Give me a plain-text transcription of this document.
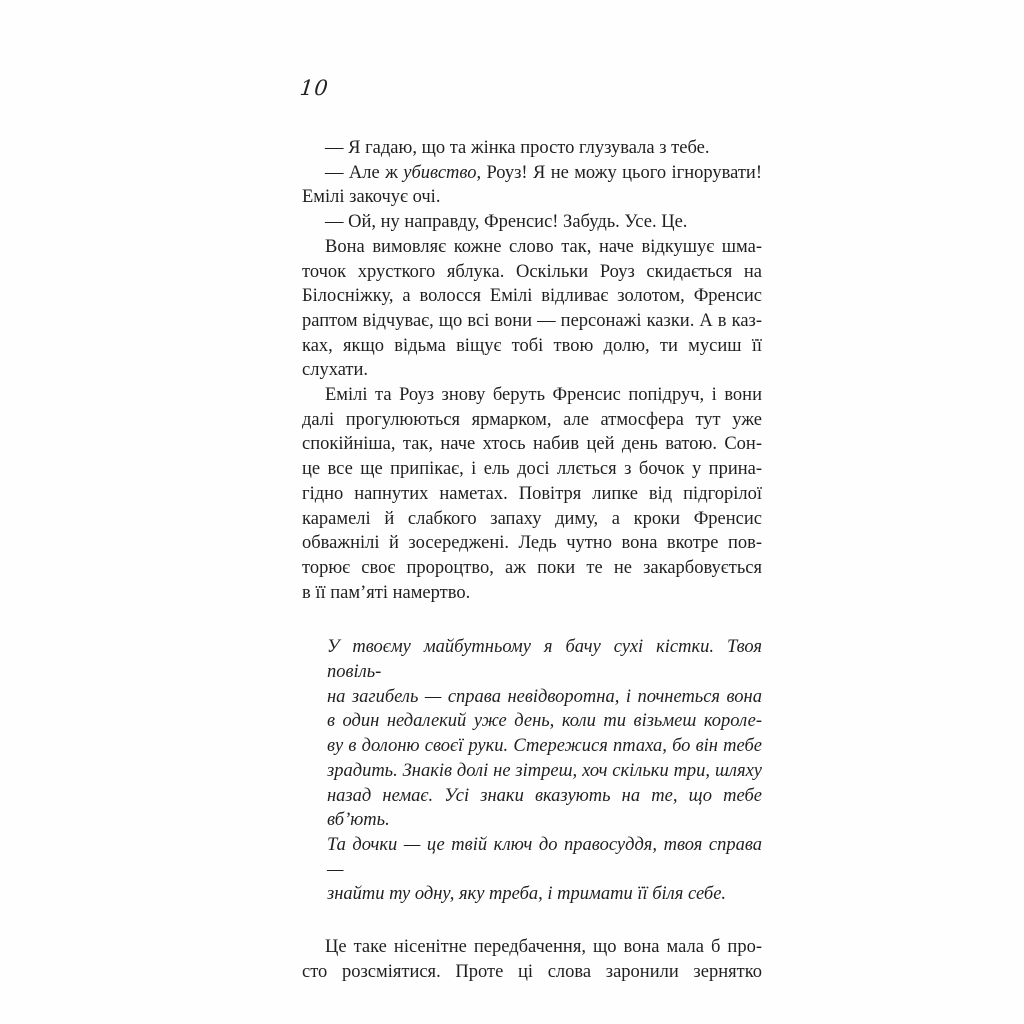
10
— Я гадаю, що та жінка просто глузувала з тебе.
— Але ж убивство, Роуз! Я не можу цього ігнорувати!
Емілі закочує очі.
— Ой, ну направду, Френсис! Забудь. Усе. Це.
Вона вимовляє кожне слово так, наче відкушує шма-
точок хрусткого яблука. Оскільки Роуз скидається на
Білосніжку, а волосся Емілі відливає золотом, Френсис
раптом відчуває, що всі вони — персонажі казки. А в каз-
ках, якщо відьма віщує тобі твою долю, ти мусиш її
слухати.
Емілі та Роуз знову беруть Френсис попідруч, і вони
далі прогулюються ярмарком, але атмосфера тут уже
спокійніша, так, наче хтось набив цей день ватою. Сон-
це все ще припікає, і ель досі ллється з бочок у прина-
гідно напнутих наметах. Повітря липке від підгорілої
карамелі й слабкого запаху диму, а кроки Френсис
обважнілі й зосереджені. Ледь чутно вона вкотре пов-
торює своє пророцтво, аж поки те не закарбовується
в її пам’яті намертво.
У твоєму майбутньому я бачу сухі кістки. Твоя повіль-
на загибель — справа невідворотна, і почнеться вона
в один недалекий уже день, коли ти візьмеш короле-
ву в долоню своєї руки. Стережися птаха, бо він тебе
зрадить. Знаків долі не зітреш, хоч скільки три, шляху
назад немає. Усі знаки вказують на те, що тебе вб’ють.
Та дочки — це твій ключ до правосуддя, твоя справа —
знайти ту одну, яку треба, і тримати її біля себе.
Це таке нісенітне передбачення, що вона мала б про-
сто розсміятися. Проте ці слова заронили зернятко
